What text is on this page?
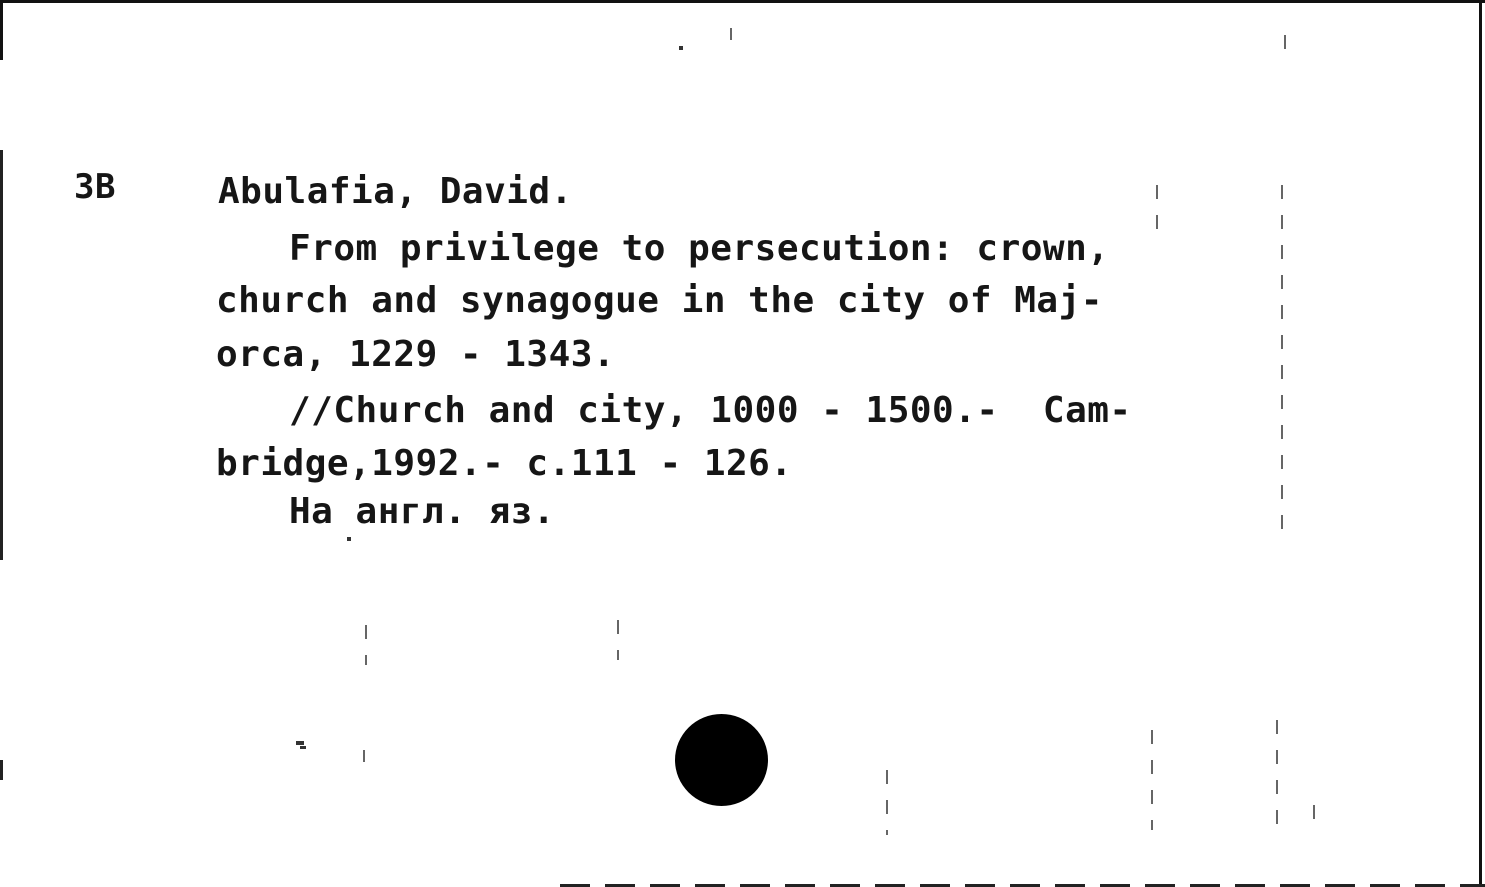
3B	Abulafia, David.
From privilege to persecution: crown,
church and synagogue in the city of Maj-
orca, 1229 - 1343.
//Church and city, 1000 - 1500.-  Cam-
bridge,1992.- c.111 - 126.
На англ. яз.
